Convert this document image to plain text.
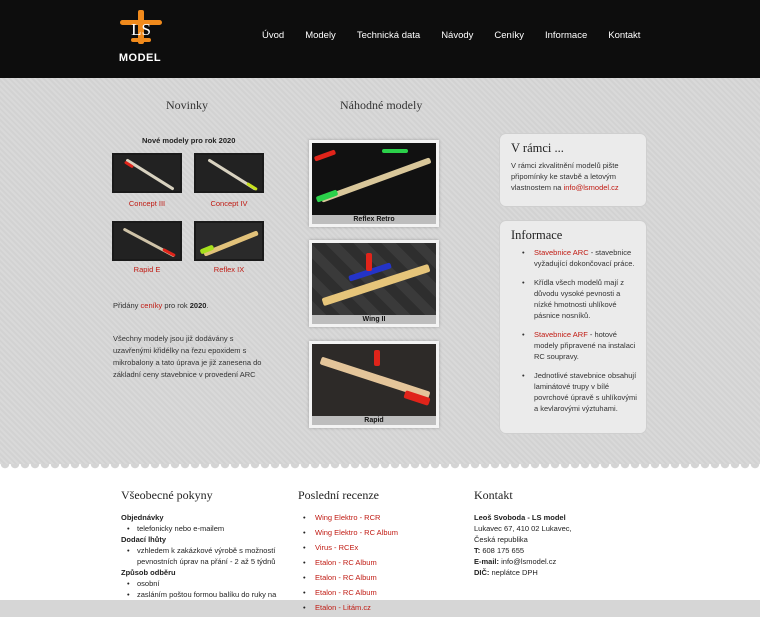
LS
MODEL
Úvod Modely Technická data Návody Ceníky Informace Kontakt
Novinky	Náhodné modely
Nové modely pro rok 2020
Concept III	Concept IV
Rapid E	Reflex IX
Přidány ceníky pro rok 2020.
Všechny modely jsou již dodávány s uzavřenými křidélky na řezu epoxidem s mikrobalony a tato úprava je již zanesena do základní ceny stavebnice v provedení ARC
Reflex Retro
Wing II
Rapid
V rámci ...
V rámci zkvalitnění modelů pište připomínky ke stavbě a letovým vlastnostem na info@lsmodel.cz
Informace
• Stavebnice ARC - stavebnice vyžadující dokončovací práce.
• Křídla všech modelů mají z důvodu vysoké pevnosti a nízké hmotnosti uhlíkové pásnice nosníků.
• Stavebnice ARF - hotové modely připravené na instalaci RC soupravy.
• Jednotlivé stavebnice obsahují laminátové trupy v bílé povrchové úpravě s uhlíkovými a kevlarovými výztuhami.
Všeobecné pokyny	Poslední recenze	Kontakt
Objednávky
• telefonicky nebo e-mailem
Dodací lhůty
• vzhledem k zakázkové výrobě s možností pevnostních úprav na přání - 2 až 5 týdnů
Způsob odběru
• osobní
• zasláním poštou formou balíku do ruky na
• Wing Elektro - RCR
• Wing Elektro - RC Album
• Virus - RCEx
• Etalon - RC Album
• Etalon - RC Album
• Etalon - RC Album
• Etalon - Litám.cz
Leoš Svoboda - LS model
Lukavec 67, 410 02 Lukavec,
Česká republika
T: 608 175 655
E-mail: info@lsmodel.cz
DIČ: neplátce DPH
